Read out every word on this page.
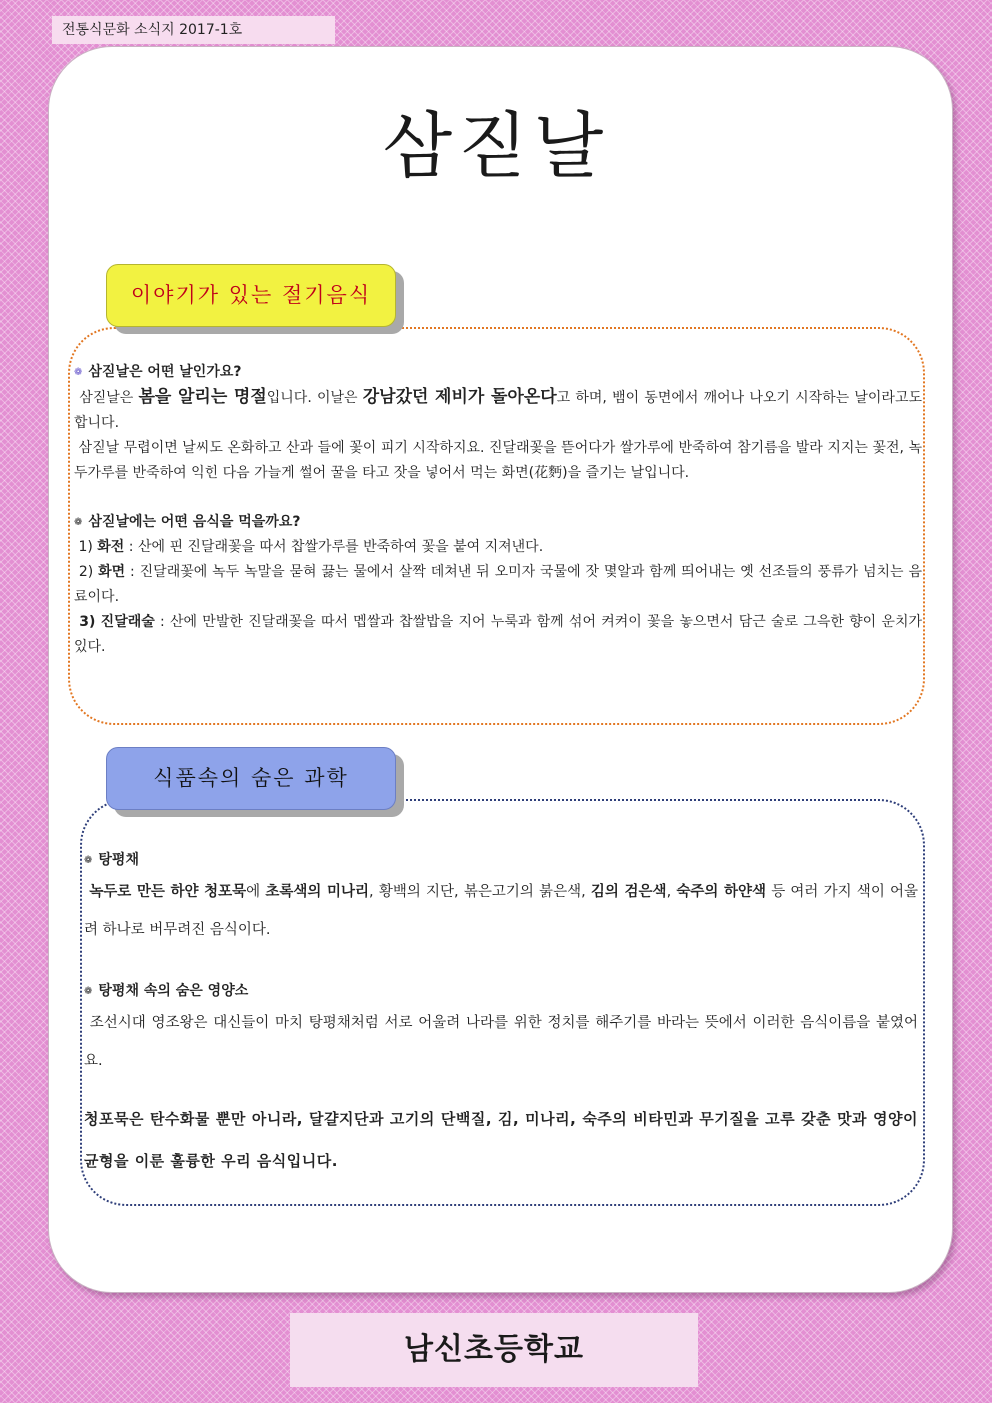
전통식문화 소식지 2017-1호
삼짇날
이야기가 있는 절기음식

❁ 삼짇날은 어떤 날인가요?

삼짇날은 봄을 알리는 명절입니다. 이날은 강남갔던 제비가 돌아온다고 하며, 뱀이 동면에서 깨어나 나오기 시작하는 날이라고도 합니다.

삼짇날 무렵이면 날씨도 온화하고 산과 들에 꽃이 피기 시작하지요. 진달래꽃을 뜯어다가 쌀가루에 반죽하여 참기름을 발라 지지는 꽃전, 녹두가루를 반죽하여 익힌 다음 가늘게 썰어 꿀을 타고 잣을 넣어서 먹는 화면(花麪)을 즐기는 날입니다.

❁ 삼짇날에는 어떤 음식을 먹을까요?

1) 화전 : 산에 핀 진달래꽃을 따서 찹쌀가루를 반죽하여 꽃을 붙여 지져낸다.

2) 화면 : 진달래꽃에 녹두 녹말을 묻혀 끓는 물에서 살짝 데쳐낸 뒤 오미자 국물에 잣 몇알과 함께 띄어내는 옛 선조들의 풍류가 넘치는 음료이다.

3) 진달래술 : 산에 만발한 진달래꽃을 따서 멥쌀과 찹쌀밥을 지어 누룩과 함께 섞어 켜켜이 꽃을 놓으면서 담근 술로 그윽한 향이 운치가 있다.

식품속의 숨은 과학

❁ 탕평채

녹두로 만든 하얀 청포묵에 초록색의 미나리, 황백의 지단, 볶은고기의 붉은색, 김의 검은색, 숙주의 하얀색 등 여러 가지 색이 어울려 하나로 버무려진 음식이다.

❁ 탕평채 속의 숨은 영양소

조선시대 영조왕은 대신들이 마치 탕평채처럼 서로 어울려 나라를 위한 정치를 해주기를 바라는 뜻에서 이러한 음식이름을 붙였어요.

청포묵은 탄수화물 뿐만 아니라, 달걀지단과 고기의 단백질, 김, 미나리, 숙주의 비타민과 무기질을 고루 갖춘 맛과 영양이 균형을 이룬 훌륭한 우리 음식입니다.

남신초등학교
